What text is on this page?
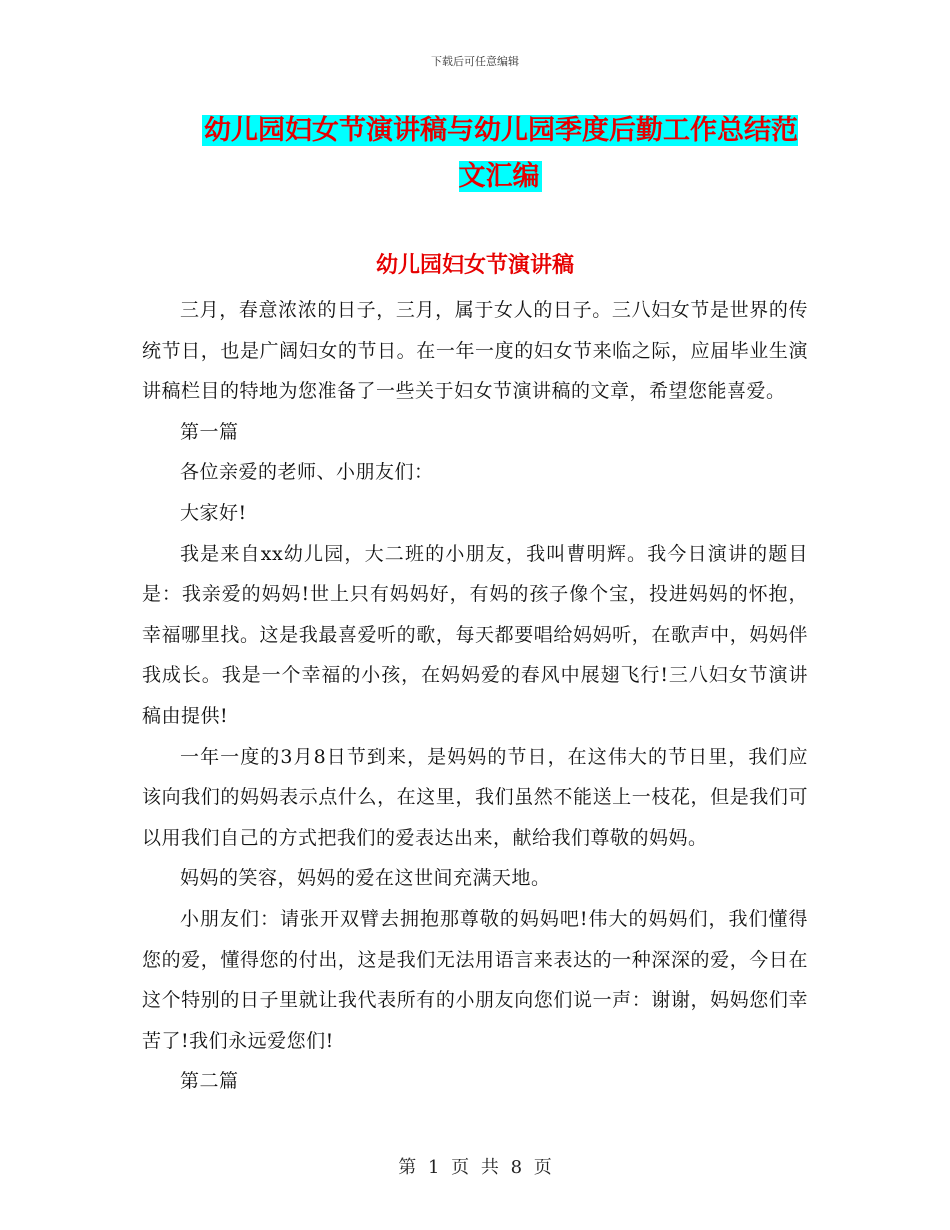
下载后可任意编辑
幼儿园妇女节演讲稿与幼儿园季度后勤工作总结范文汇编
幼儿园妇女节演讲稿

三月，春意浓浓的日子，三月，属于女人的日子。三八妇女节是世界的传统节日，也是广阔妇女的节日。在一年一度的妇女节来临之际，应届毕业生演讲稿栏目的特地为您准备了一些关于妇女节演讲稿的文章，希望您能喜爱。

第一篇

各位亲爱的老师、小朋友们：

大家好!

我是来自xx幼儿园，大二班的小朋友，我叫曹明辉。我今日演讲的题目是：我亲爱的妈妈!世上只有妈妈好，有妈的孩子像个宝，投进妈妈的怀抱，幸福哪里找。这是我最喜爱听的歌，每天都要唱给妈妈听，在歌声中，妈妈伴我成长。我是一个幸福的小孩，在妈妈爱的春风中展翅飞行!三八妇女节演讲稿由提供!

一年一度的3月8日节到来，是妈妈的节日，在这伟大的节日里，我们应该向我们的妈妈表示点什么，在这里，我们虽然不能送上一枝花，但是我们可以用我们自己的方式把我们的爱表达出来，献给我们尊敬的妈妈。

妈妈的笑容，妈妈的爱在这世间充满天地。

小朋友们：请张开双臂去拥抱那尊敬的妈妈吧!伟大的妈妈们，我们懂得您的爱，懂得您的付出，这是我们无法用语言来表达的一种深深的爱，今日在这个特别的日子里就让我代表所有的小朋友向您们说一声：谢谢，妈妈您们幸苦了!我们永远爱您们!

第二篇

第 1 页 共 8 页
